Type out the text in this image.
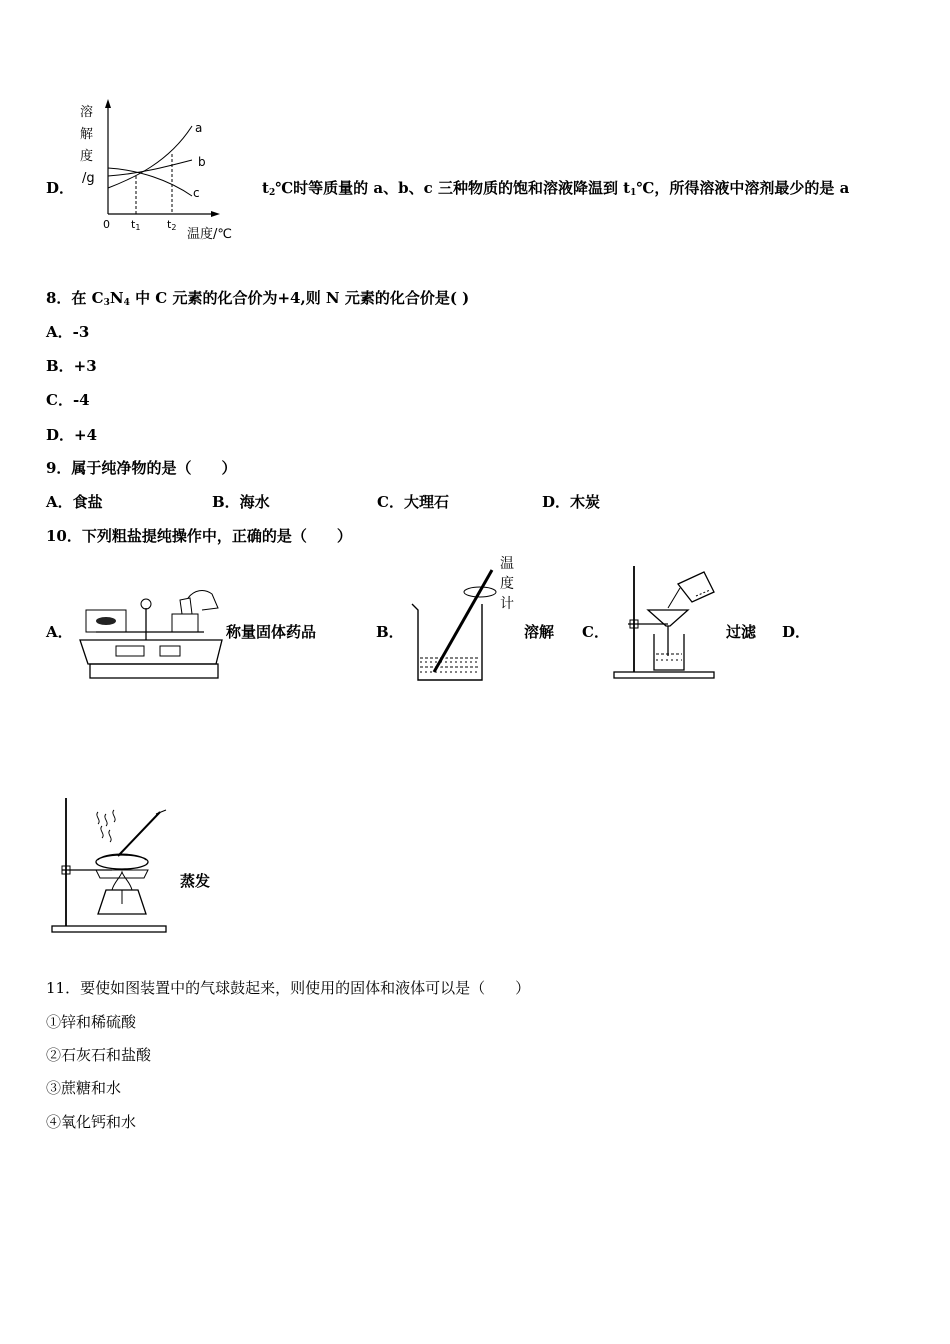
D．
溶
解
度
/g
a
b
c
0 t1 t2 温度/℃
$t_2℃$时等质量的 a、b、c 三种物质的饱和溶液降温到 $t_1℃$，所得溶液中溶剂最少的是 a
8．在 $C_3N_4$ 中 C 元素的化合价为+4,则 N 元素的化合价是( )
A．-3
B．+3
C．-4
D．+4
9．属于纯净物的是（　　）
A．食盐	B．海水	C．大理石	D．木炭
10．下列粗盐提纯操作中，正确的是（　　）
A．	称量固体药品	B．
温
度
计
溶解 C．	过滤 D．
蒸发
11．要使如图装置中的气球鼓起来，则使用的固体和液体可以是（　　）
①锌和稀硫酸
②石灰石和盐酸
③蔗糖和水
④氧化钙和水
